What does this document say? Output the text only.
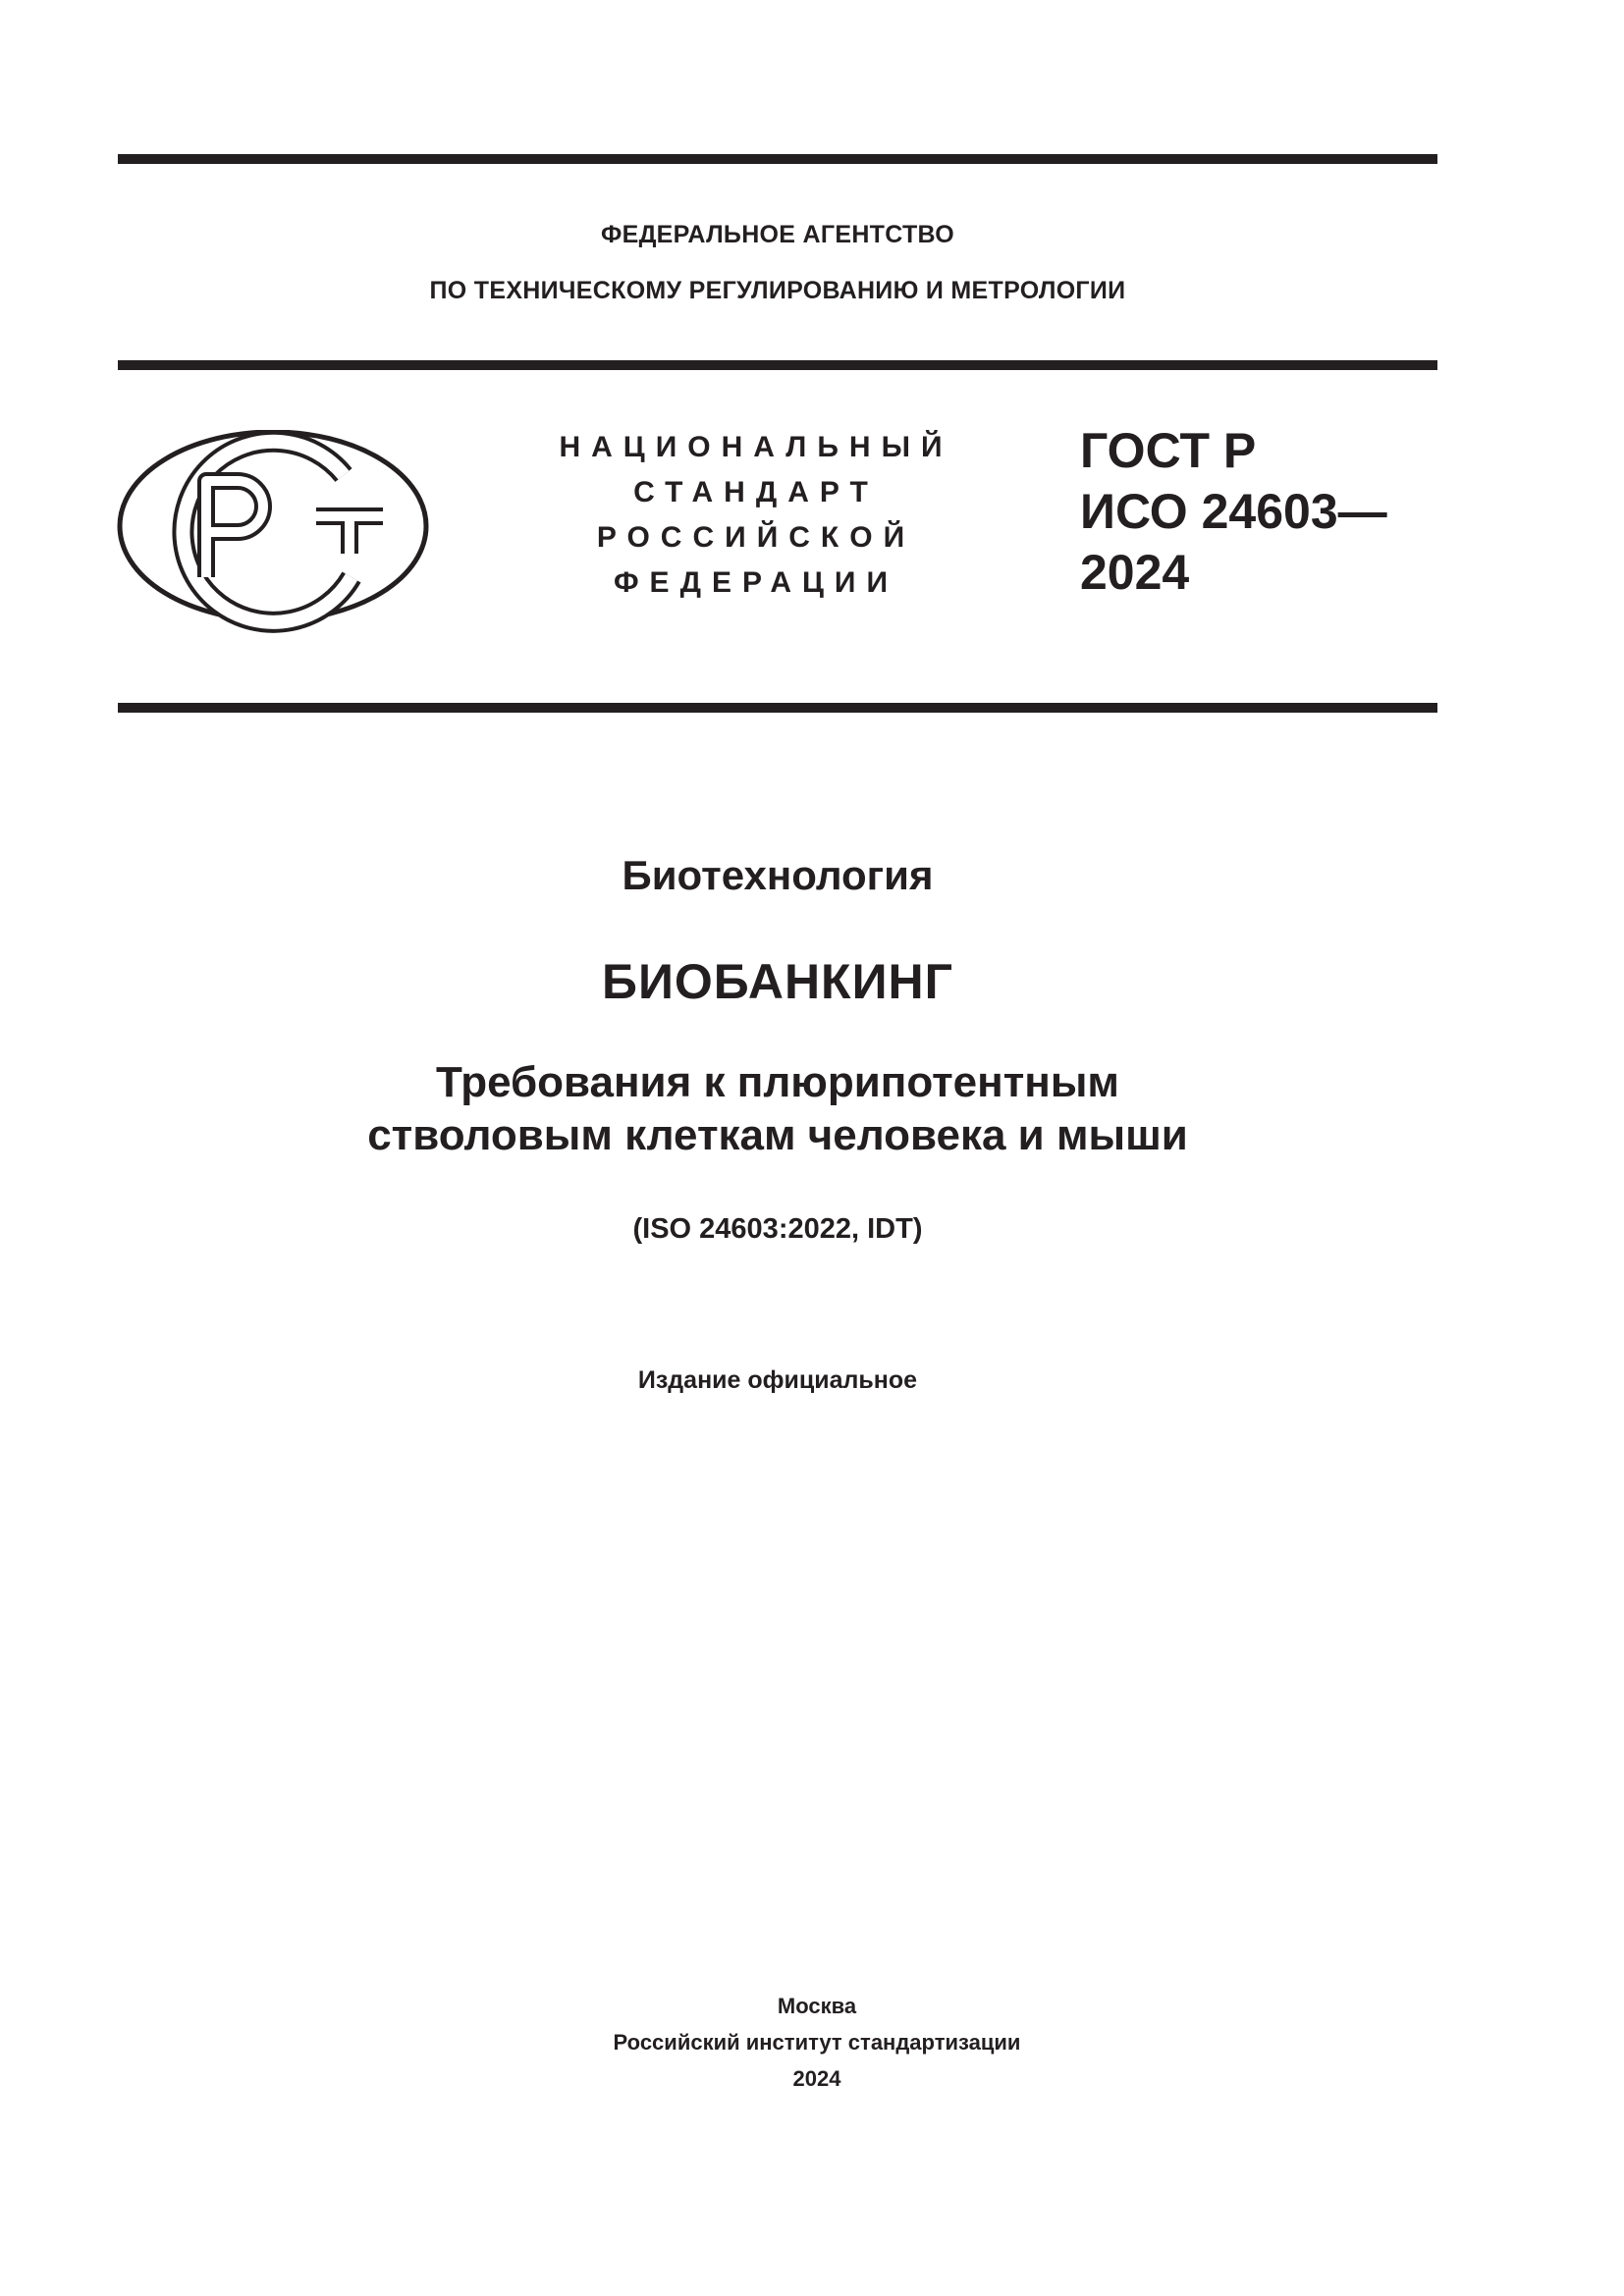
ФЕДЕРАЛЬНОЕ АГЕНТСТВО
ПО ТЕХНИЧЕСКОМУ РЕГУЛИРОВАНИЮ И МЕТРОЛОГИИ
НАЦИОНАЛЬНЫЙ
СТАНДАРТ
РОССИЙСКОЙ
ФЕДЕРАЦИИ
ГОСТ Р
ИСО 24603—
2024
Биотехнология
БИОБАНКИНГ
Требования к плюрипотентным
стволовым клеткам человека и мыши
(ISO 24603:2022, IDT)
Издание официальное
Москва
Российский институт стандартизации
2024
